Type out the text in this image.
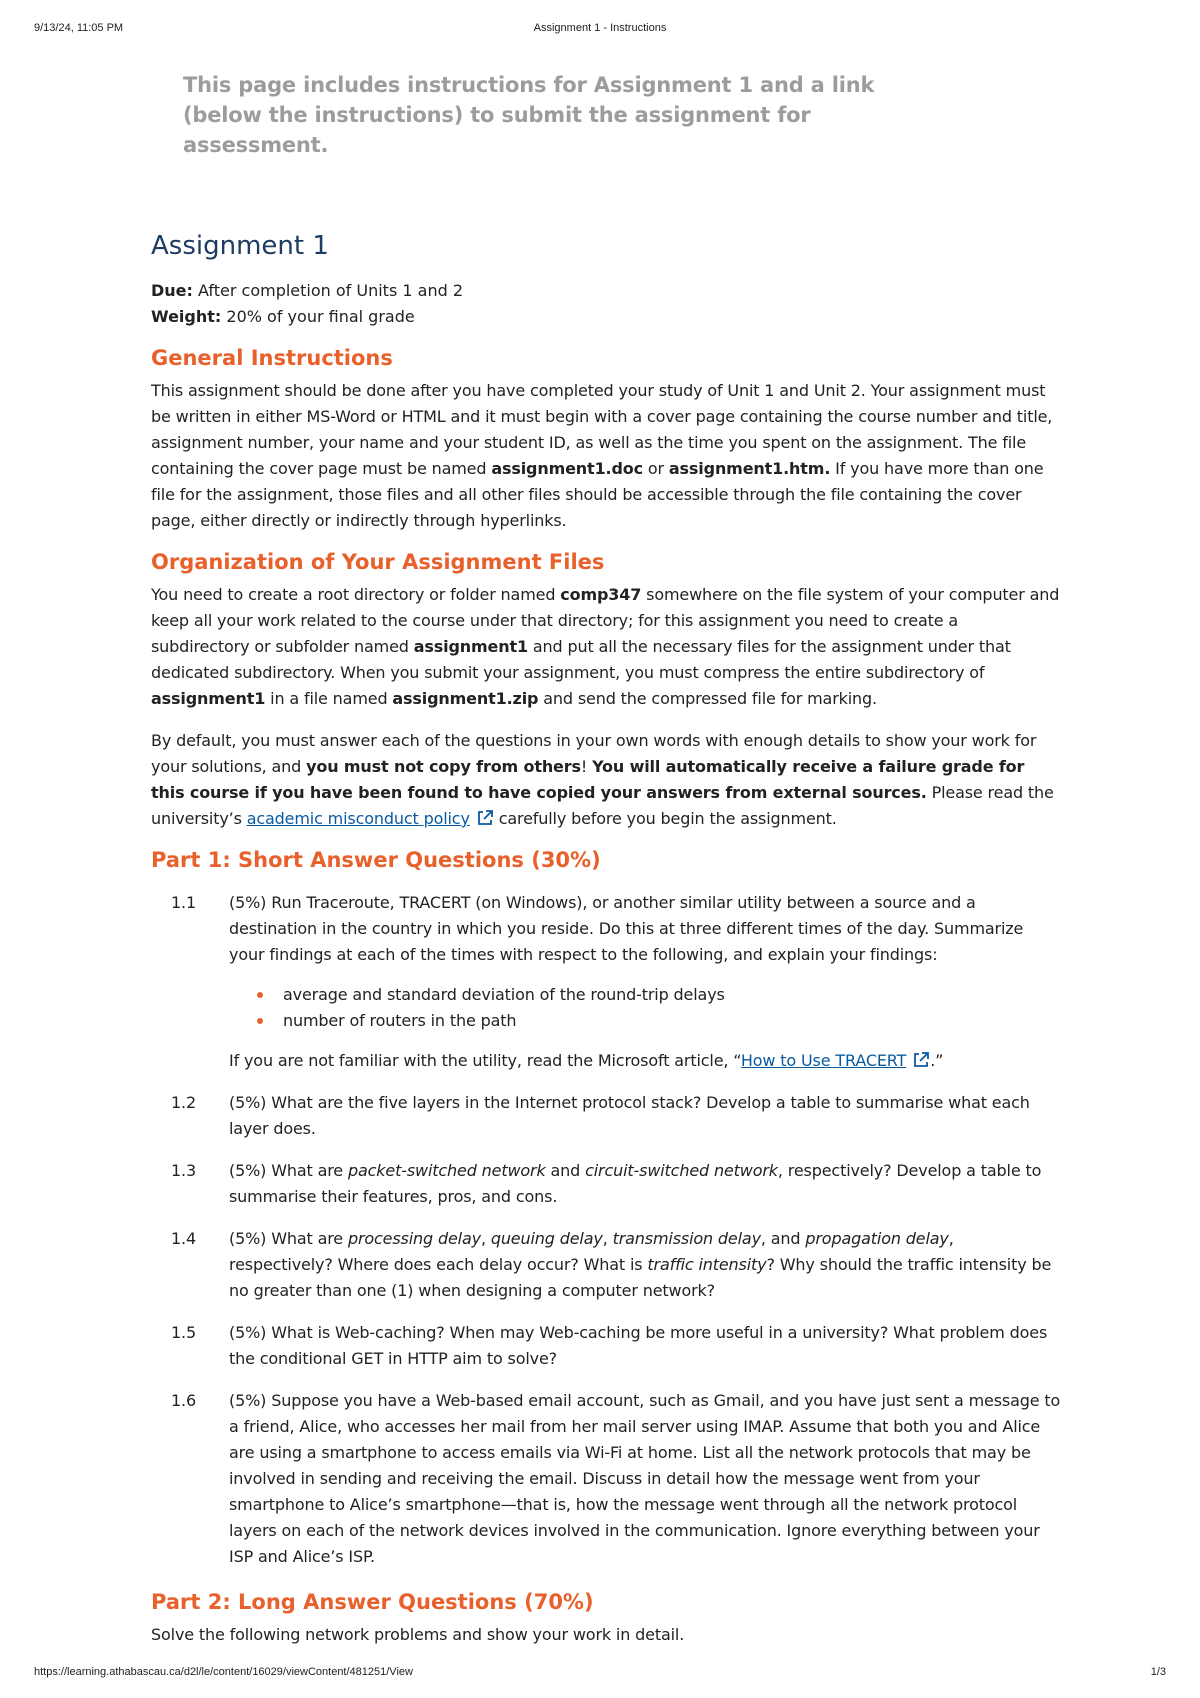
9/13/24, 11:05 PM	Assignment 1 - Instructions

This page includes instructions for Assignment 1 and a link (below the instructions) to submit the assignment for assessment.

Assignment 1
Due: After completion of Units 1 and 2
Weight: 20% of your final grade
General Instructions

This assignment should be done after you have completed your study of Unit 1 and Unit 2. Your assignment must be written in either MS-Word or HTML and it must begin with a cover page containing the course number and title, assignment number, your name and your student ID, as well as the time you spent on the assignment. The file containing the cover page must be named assignment1.doc or assignment1.htm. If you have more than one file for the assignment, those files and all other files should be accessible through the file containing the cover page, either directly or indirectly through hyperlinks.

Organization of Your Assignment Files

You need to create a root directory or folder named comp347 somewhere on the file system of your computer and keep all your work related to the course under that directory; for this assignment you need to create a subdirectory or subfolder named assignment1 and put all the necessary files for the assignment under that dedicated subdirectory. When you submit your assignment, you must compress the entire subdirectory of assignment1 in a file named assignment1.zip and send the compressed file for marking.

By default, you must answer each of the questions in your own words with enough details to show your work for your solutions, and you must not copy from others! You will automatically receive a failure grade for this course if you have been found to have copied your answers from external sources. Please read the university’s academic misconduct policy carefully before you begin the assignment.

Part 1: Short Answer Questions (30%)
1.1 (5%) Run Traceroute, TRACERT (on Windows), or another similar utility between a source and a destination in the country in which you reside. Do this at three different times of the day. Summarize your findings at each of the times with respect to the following, and explain your findings:
average and standard deviation of the round-trip delays
number of routers in the path
If you are not familiar with the utility, read the Microsoft article, “How to Use TRACERT .”
1.2 (5%) What are the five layers in the Internet protocol stack? Develop a table to summarise what each layer does.
1.3 (5%) What are packet-switched network and circuit-switched network, respectively? Develop a table to summarise their features, pros, and cons.
1.4 (5%) What are processing delay, queuing delay, transmission delay, and propagation delay, respectively? Where does each delay occur? What is traffic intensity? Why should the traffic intensity be no greater than one (1) when designing a computer network?
1.5 (5%) What is Web-caching? When may Web-caching be more useful in a university? What problem does the conditional GET in HTTP aim to solve?
1.6 (5%) Suppose you have a Web-based email account, such as Gmail, and you have just sent a message to a friend, Alice, who accesses her mail from her mail server using IMAP. Assume that both you and Alice are using a smartphone to access emails via Wi-Fi at home. List all the network protocols that may be involved in sending and receiving the email. Discuss in detail how the message went from your smartphone to Alice’s smartphone—that is, how the message went through all the network protocol layers on each of the network devices involved in the communication. Ignore everything between your ISP and Alice’s ISP.
Part 2: Long Answer Questions (70%)

Solve the following network problems and show your work in detail.

https://learning.athabascau.ca/d2l/le/content/16029/viewContent/481251/View	1/3
